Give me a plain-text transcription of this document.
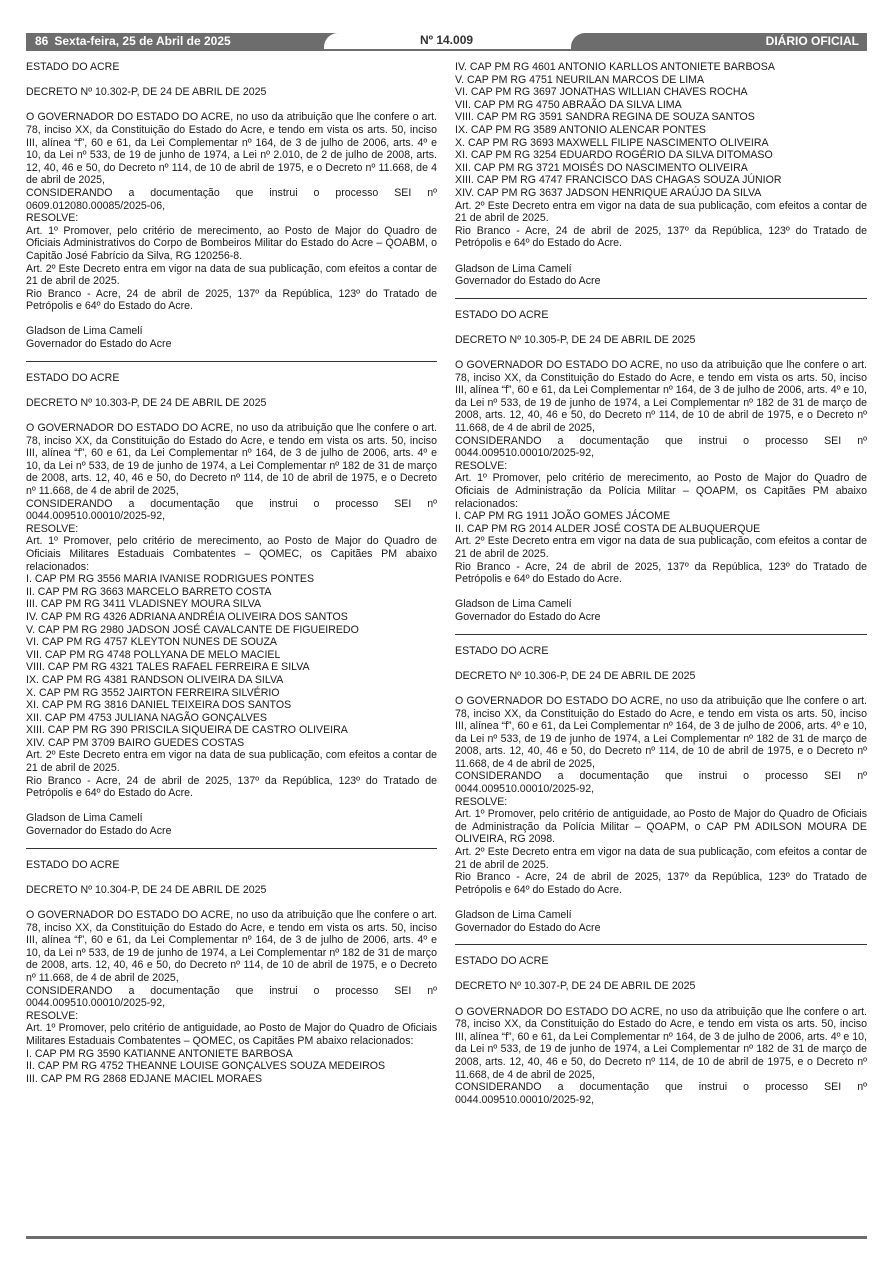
86 Sexta-feira, 25 de Abril de 2025	Nº 14.009	DIÁRIO OFICIAL

ESTADO DO ACRE

DECRETO Nº 10.302-P, DE 24 DE ABRIL DE 2025

O GOVERNADOR DO ESTADO DO ACRE, no uso da atribuição que lhe confere o art. 78, inciso XX, da Constituição do Estado do Acre, e tendo em vista os arts. 50, inciso III, alínea “f”, 60 e 61, da Lei Complementar nº 164, de 3 de julho de 2006, arts. 4º e 10, da Lei nº 533, de 19 de junho de 1974, a Lei nº 2.010, de 2 de julho de 2008, arts. 12, 40, 46 e 50, do Decreto nº 114, de 10 de abril de 1975, e o Decreto nº 11.668, de 4 de abril de 2025,

CONSIDERANDO a documentação que instrui o processo SEI nº 0609.012080.00085/2025-06,

RESOLVE:

Art. 1º Promover, pelo critério de merecimento, ao Posto de Major do Quadro de Oficiais Administrativos do Corpo de Bombeiros Militar do Estado do Acre – QOABM, o Capitão José Fabrício da Silva, RG 120256-8.

Art. 2º Este Decreto entra em vigor na data de sua publicação, com efeitos a contar de 21 de abril de 2025.

Rio Branco - Acre, 24 de abril de 2025, 137º da República, 123º do Tratado de Petrópolis e 64º do Estado do Acre.

Gladson de Lima Camelí

Governador do Estado do Acre

ESTADO DO ACRE

DECRETO Nº 10.303-P, DE 24 DE ABRIL DE 2025

O GOVERNADOR DO ESTADO DO ACRE, no uso da atribuição que lhe confere o art. 78, inciso XX, da Constituição do Estado do Acre, e tendo em vista os arts. 50, inciso III, alínea “f”, 60 e 61, da Lei Complementar nº 164, de 3 de julho de 2006, arts. 4º e 10, da Lei nº 533, de 19 de junho de 1974, a Lei Complementar nº 182 de 31 de março de 2008, arts. 12, 40, 46 e 50, do Decreto nº 114, de 10 de abril de 1975, e o Decreto nº 11.668, de 4 de abril de 2025,

CONSIDERANDO a documentação que instrui o processo SEI nº 0044.009510.00010/2025-92,

RESOLVE:

Art. 1º Promover, pelo critério de merecimento, ao Posto de Major do Quadro de Oficiais Militares Estaduais Combatentes – QOMEC, os Capitães PM abaixo relacionados:

I. CAP PM RG 3556 MARIA IVANISE RODRIGUES PONTES

II. CAP PM RG 3663 MARCELO BARRETO COSTA

III. CAP PM RG 3411 VLADISNEY MOURA SILVA

IV. CAP PM RG 4326 ADRIANA ANDRÉIA OLIVEIRA DOS SANTOS

V. CAP PM RG 2980 JADSON JOSÉ CAVALCANTE DE FIGUEIREDO

VI. CAP PM RG 4757 KLEYTON NUNES DE SOUZA

VII. CAP PM RG 4748 POLLYANA DE MELO MACIEL

VIII. CAP PM RG 4321 TALES RAFAEL FERREIRA E SILVA

IX. CAP PM RG 4381 RANDSON OLIVEIRA DA SILVA

X. CAP PM RG 3552 JAIRTON FERREIRA SILVÉRIO

XI. CAP PM RG 3816 DANIEL TEIXEIRA DOS SANTOS

XII. CAP PM 4753 JULIANA NAGÃO GONÇALVES

XIII. CAP PM RG 390 PRISCILA SIQUEIRA DE CASTRO OLIVEIRA

XIV. CAP PM 3709 BAIRO GUEDES COSTAS

Art. 2º Este Decreto entra em vigor na data de sua publicação, com efeitos a contar de 21 de abril de 2025.

Rio Branco - Acre, 24 de abril de 2025, 137º da República, 123º do Tratado de Petrópolis e 64º do Estado do Acre.

Gladson de Lima Camelí

Governador do Estado do Acre

ESTADO DO ACRE

DECRETO Nº 10.304-P, DE 24 DE ABRIL DE 2025

O GOVERNADOR DO ESTADO DO ACRE, no uso da atribuição que lhe confere o art. 78, inciso XX, da Constituição do Estado do Acre, e tendo em vista os arts. 50, inciso III, alínea “f”, 60 e 61, da Lei Complementar nº 164, de 3 de julho de 2006, arts. 4º e 10, da Lei nº 533, de 19 de junho de 1974, a Lei Complementar nº 182 de 31 de março de 2008, arts. 12, 40, 46 e 50, do Decreto nº 114, de 10 de abril de 1975, e o Decreto nº 11.668, de 4 de abril de 2025,

CONSIDERANDO a documentação que instrui o processo SEI nº 0044.009510.00010/2025-92,

RESOLVE:

Art. 1º Promover, pelo critério de antiguidade, ao Posto de Major do Quadro de Oficiais Militares Estaduais Combatentes – QOMEC, os Capitães PM abaixo relacionados:

I. CAP PM RG 3590 KATIANNE ANTONIETE BARBOSA

II. CAP PM RG 4752 THEANNE LOUISE GONÇALVES SOUZA MEDEIROS

III. CAP PM RG 2868 EDJANE MACIEL MORAES

IV. CAP PM RG 4601 ANTONIO KARLLOS ANTONIETE BARBOSA

V. CAP PM RG 4751 NEURILAN MARCOS DE LIMA

VI. CAP PM RG 3697 JONATHAS WILLIAN CHAVES ROCHA

VII. CAP PM RG 4750 ABRAÃO DA SILVA LIMA

VIII. CAP PM RG 3591 SANDRA REGINA DE SOUZA SANTOS

IX. CAP PM RG 3589 ANTONIO ALENCAR PONTES

X. CAP PM RG 3693 MAXWELL FILIPE NASCIMENTO OLIVEIRA

XI. CAP PM RG 3254 EDUARDO ROGÉRIO DA SILVA DITOMASO

XII. CAP PM RG 3721 MOISÉS DO NASCIMENTO OLIVEIRA

XIII. CAP PM RG 4747 FRANCISCO DAS CHAGAS SOUZA JÚNIOR

XIV. CAP PM RG 3637 JADSON HENRIQUE ARAÚJO DA SILVA

Art. 2º Este Decreto entra em vigor na data de sua publicação, com efeitos a contar de 21 de abril de 2025.

Rio Branco - Acre, 24 de abril de 2025, 137º da República, 123º do Tratado de Petrópolis e 64º do Estado do Acre.

Gladson de Lima Camelí

Governador do Estado do Acre

ESTADO DO ACRE

DECRETO Nº 10.305-P, DE 24 DE ABRIL DE 2025

O GOVERNADOR DO ESTADO DO ACRE, no uso da atribuição que lhe confere o art. 78, inciso XX, da Constituição do Estado do Acre, e tendo em vista os arts. 50, inciso III, alínea “f”, 60 e 61, da Lei Complementar nº 164, de 3 de julho de 2006, arts. 4º e 10, da Lei nº 533, de 19 de junho de 1974, a Lei Complementar nº 182 de 31 de março de 2008, arts. 12, 40, 46 e 50, do Decreto nº 114, de 10 de abril de 1975, e o Decreto nº 11.668, de 4 de abril de 2025,

CONSIDERANDO a documentação que instrui o processo SEI nº 0044.009510.00010/2025-92,

RESOLVE:

Art. 1º Promover, pelo critério de merecimento, ao Posto de Major do Quadro de Oficiais de Administração da Polícia Militar – QOAPM, os Capitães PM abaixo relacionados:

I. CAP PM RG 1911 JOÃO GOMES JÁCOME

II. CAP PM RG 2014 ALDER JOSÉ COSTA DE ALBUQUERQUE

Art. 2º Este Decreto entra em vigor na data de sua publicação, com efeitos a contar de 21 de abril de 2025.

Rio Branco - Acre, 24 de abril de 2025, 137º da República, 123º do Tratado de Petrópolis e 64º do Estado do Acre.

Gladson de Lima Camelí

Governador do Estado do Acre

ESTADO DO ACRE

DECRETO Nº 10.306-P, DE 24 DE ABRIL DE 2025

O GOVERNADOR DO ESTADO DO ACRE, no uso da atribuição que lhe confere o art. 78, inciso XX, da Constituição do Estado do Acre, e tendo em vista os arts. 50, inciso III, alínea “f”, 60 e 61, da Lei Complementar nº 164, de 3 de julho de 2006, arts. 4º e 10, da Lei nº 533, de 19 de junho de 1974, a Lei Complementar nº 182 de 31 de março de 2008, arts. 12, 40, 46 e 50, do Decreto nº 114, de 10 de abril de 1975, e o Decreto nº 11.668, de 4 de abril de 2025,

CONSIDERANDO a documentação que instrui o processo SEI nº 0044.009510.00010/2025-92,

RESOLVE:

Art. 1º Promover, pelo critério de antiguidade, ao Posto de Major do Quadro de Oficiais de Administração da Polícia Militar – QOAPM, o CAP PM ADILSON MOURA DE OLIVEIRA, RG 2098.

Art. 2º Este Decreto entra em vigor na data de sua publicação, com efeitos a contar de 21 de abril de 2025.

Rio Branco - Acre, 24 de abril de 2025, 137º da República, 123º do Tratado de Petrópolis e 64º do Estado do Acre.

Gladson de Lima Camelí

Governador do Estado do Acre

ESTADO DO ACRE

DECRETO Nº 10.307-P, DE 24 DE ABRIL DE 2025

O GOVERNADOR DO ESTADO DO ACRE, no uso da atribuição que lhe confere o art. 78, inciso XX, da Constituição do Estado do Acre, e tendo em vista os arts. 50, inciso III, alínea “f”, 60 e 61, da Lei Complementar nº 164, de 3 de julho de 2006, arts. 4º e 10, da Lei nº 533, de 19 de junho de 1974, a Lei Complementar nº 182 de 31 de março de 2008, arts. 12, 40, 46 e 50, do Decreto nº 114, de 10 de abril de 1975, e o Decreto nº 11.668, de 4 de abril de 2025,

CONSIDERANDO a documentação que instrui o processo SEI nº 0044.009510.00010/2025-92,
